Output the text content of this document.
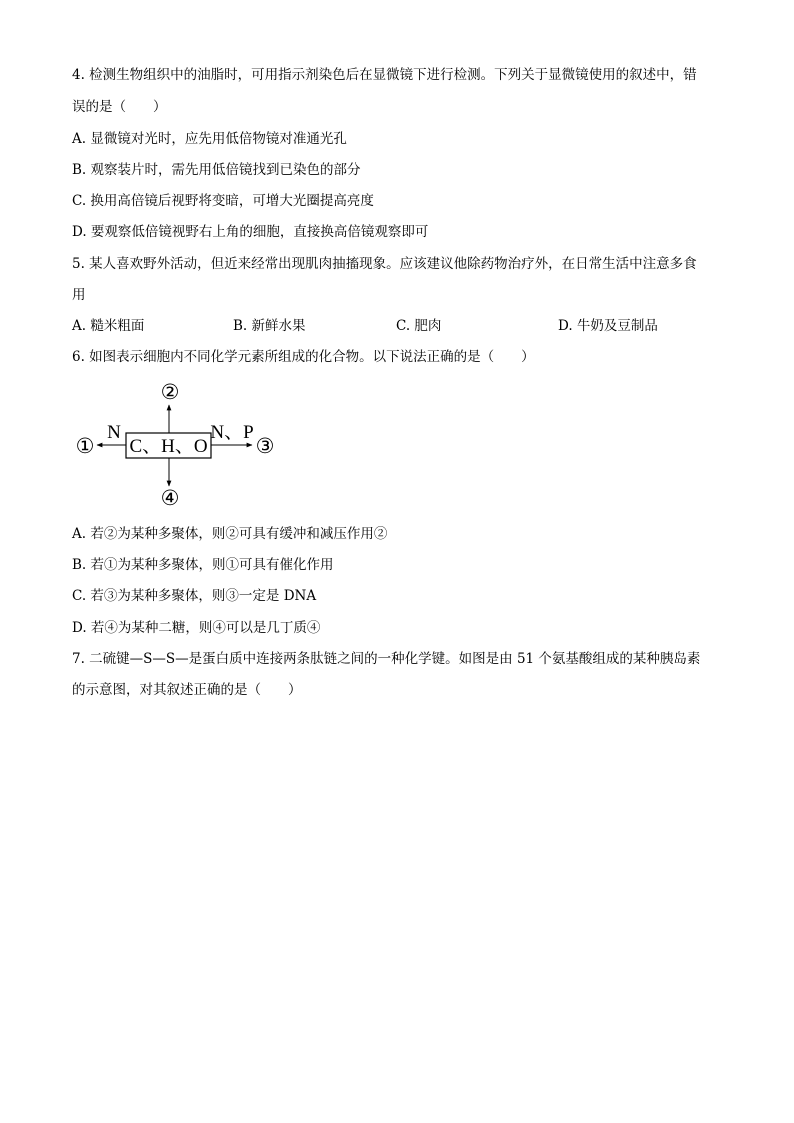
4. 检测生物组织中的油脂时，可用指示剂染色后在显微镜下进行检测。下列关于显微镜使用的叙述中，错
误的是（　　）
A. 显微镜对光时，应先用低倍物镜对准通光孔
B. 观察装片时，需先用低倍镜找到已染色的部分
C. 换用高倍镜后视野将变暗，可增大光圈提高亮度
D. 要观察低倍镜视野右上角的细胞，直接换高倍镜观察即可
5. 某人喜欢野外活动，但近来经常出现肌肉抽搐现象。应该建议他除药物治疗外，在日常生活中注意多食
用
A. 糙米粗面	B. 新鲜水果	C. 肥肉	D. 牛奶及豆制品
6. 如图表示细胞内不同化学元素所组成的化合物。以下说法正确的是（　　）
C、H、O
N	N、P
②
①	③
④
A. 若②为某种多聚体，则②可具有缓冲和减压作用②
B. 若①为某种多聚体，则①可具有催化作用
C. 若③为某种多聚体，则③一定是 DNA
D. 若④为某种二糖，则④可以是几丁质④
7. 二硫键—S—S—是蛋白质中连接两条肽链之间的一种化学键。如图是由 51 个氨基酸组成的某种胰岛素
的示意图，对其叙述正确的是（　　）
